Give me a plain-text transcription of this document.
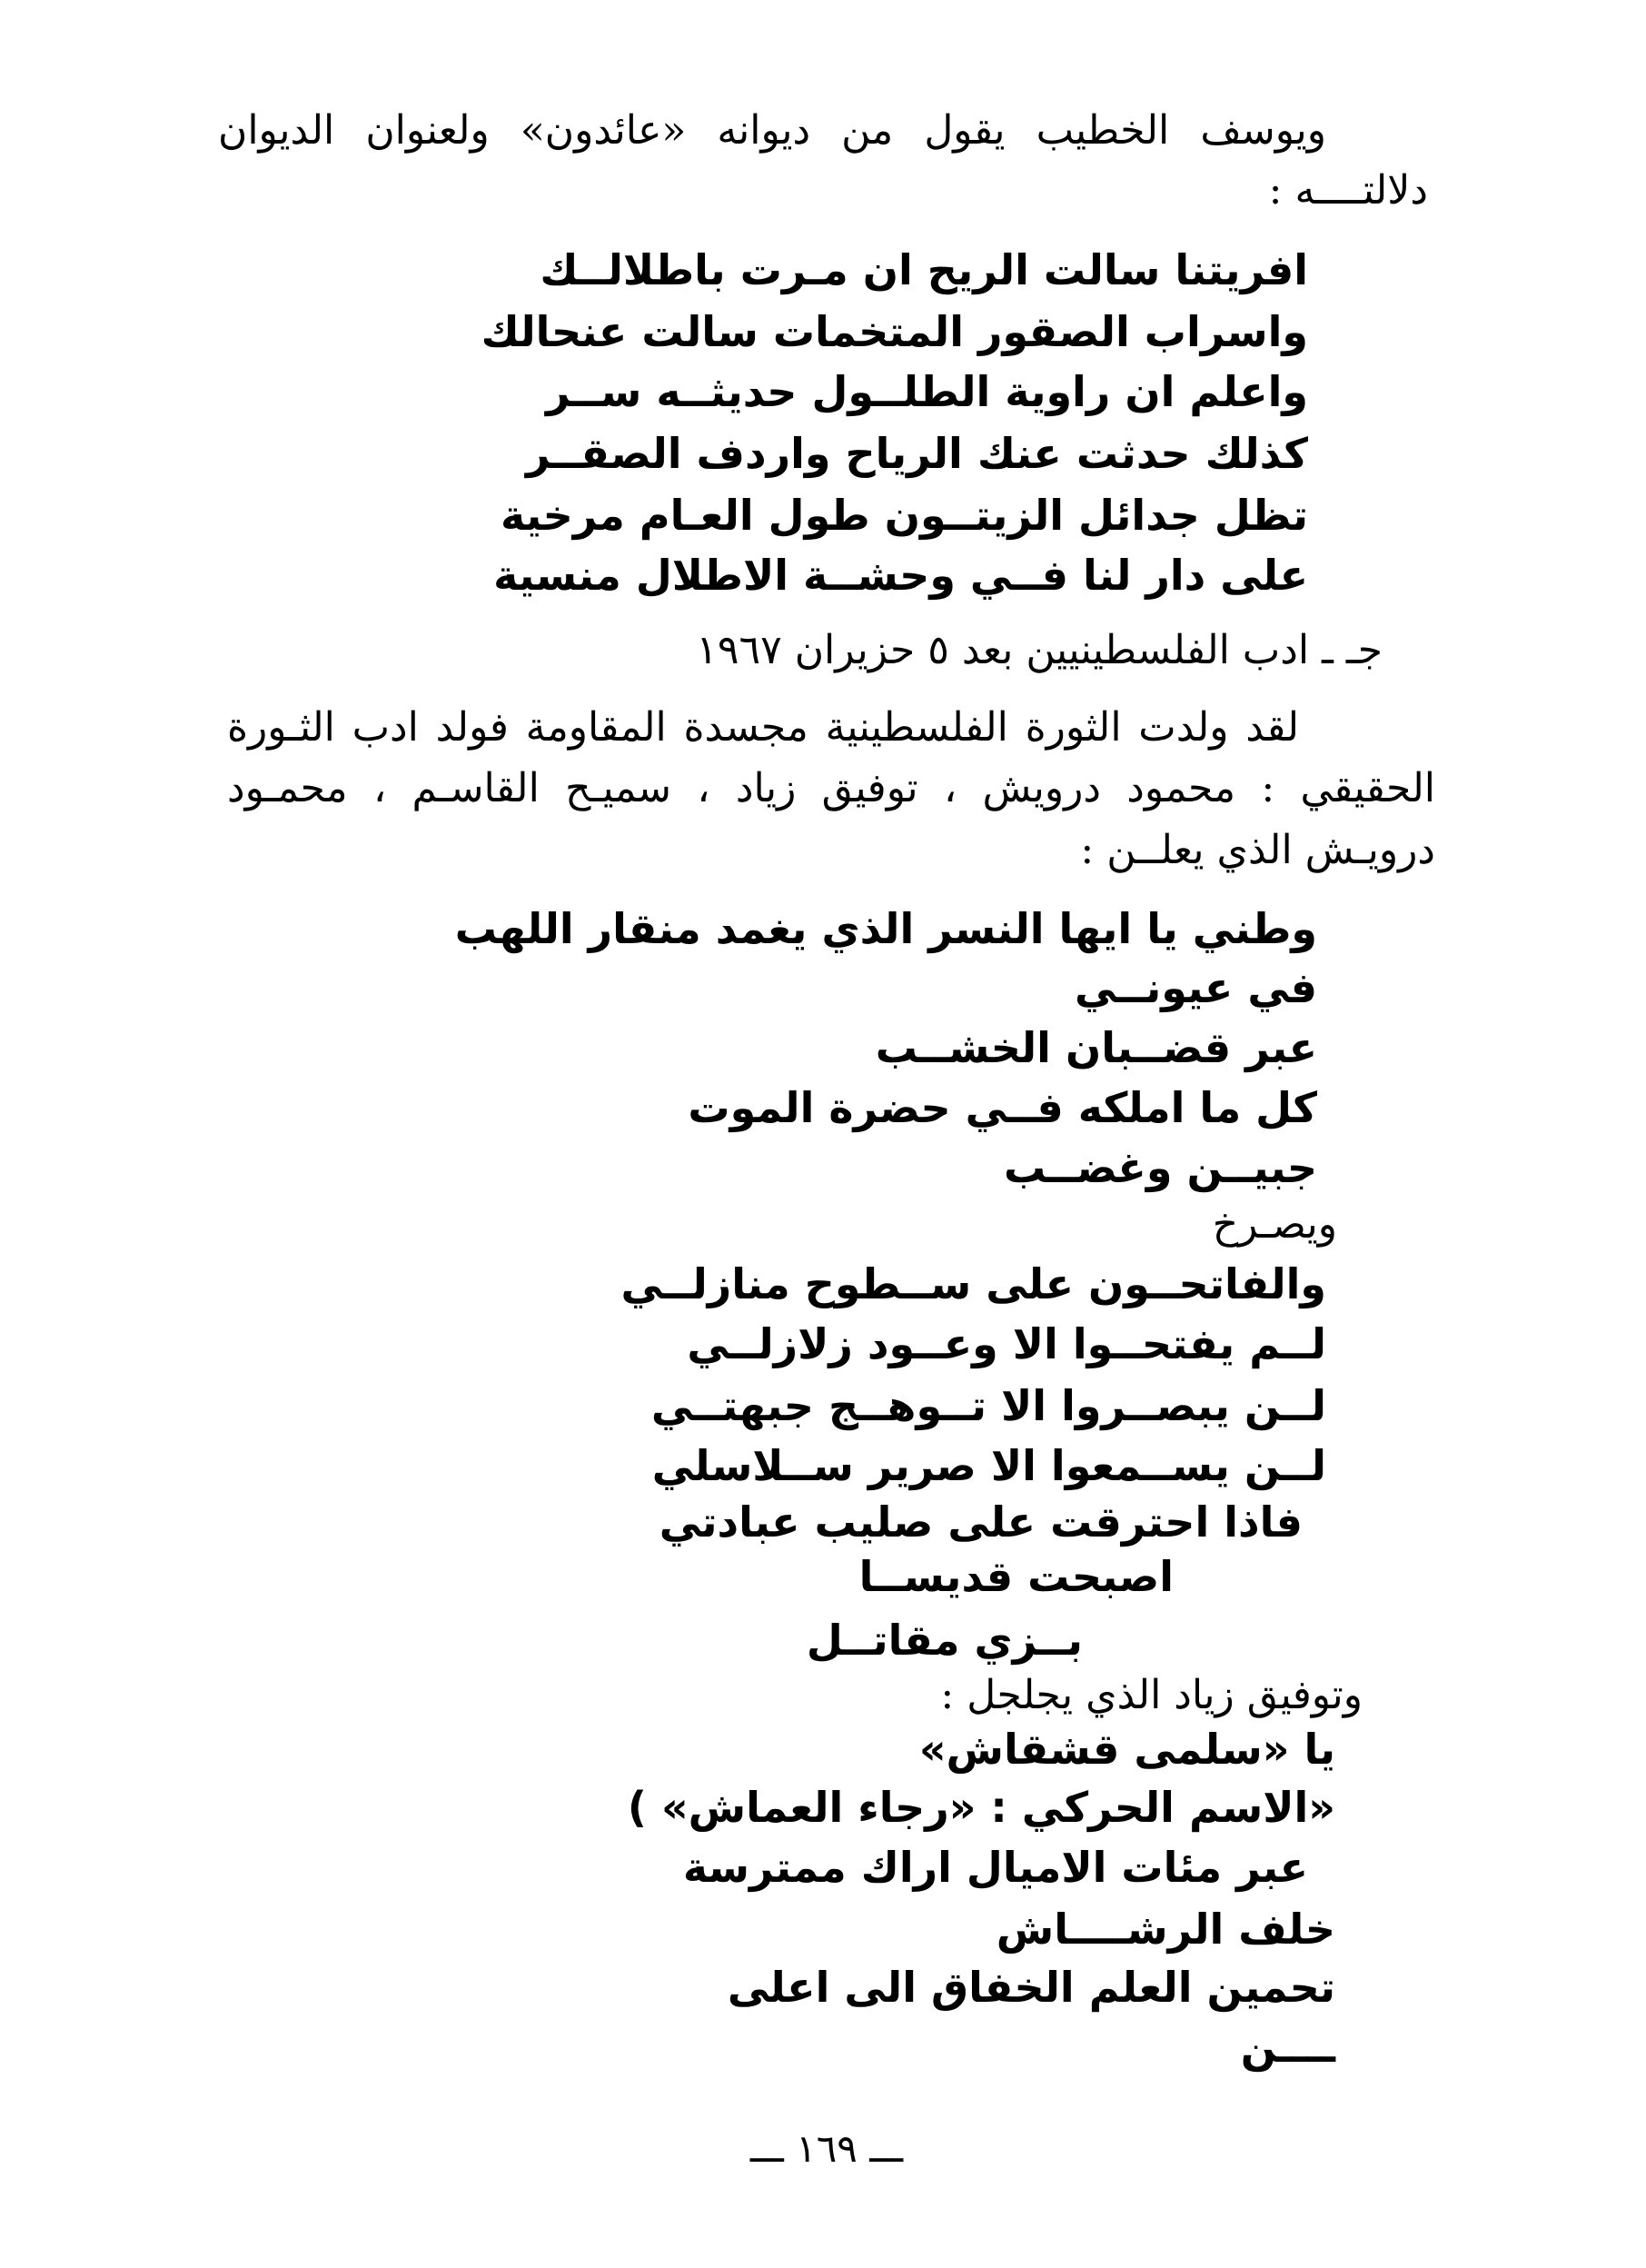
ويوسف الخطيب يقول من ديوانه «عائدون» ولعنوان الديوان
دلالتــــه :
افريتنا سالت الريح ان مـرت باطلالــك
واسراب الصقور المتخمات سالت عنحالك
واعلم ان راوية الطلــول حديثــه ســر
كذلك حدثت عنك الرياح واردف الصقــر
تظل جدائل الزيتــون طول العـام مرخية
على دار لنا فــي وحشــة الاطلال منسية
جـ ـ ادب الفلسطينيين بعد ٥ حزيران ١٩٦٧
لقد ولدت الثورة الفلسطينية مجسدة المقاومة فولد ادب الثـورة
الحقيقي : محمود درويش ، توفيق زياد ، سميـح القاسـم ، محمـود
درويـش الذي يعلــن :
وطني يا ايها النسر الذي يغمد منقار اللهب
في عيونــي
عبر قضــبان الخشــب
كل ما املكه فــي حضرة الموت
جبيــن وغضــب
ويصـرخ
والفاتحــون على ســطوح منازلــي
لــم يفتحــوا الا وعــود زلازلــي
لــن يبصــروا الا تــوهــج جبهتــي
لــن يســمعوا الا صرير ســلاسلي
فاذا احترقت على صليب عبادتي
اصبحت قديســا
بــزي مقاتــل
وتوفيق زياد الذي يجلجل :
يا «سلمى قشقاش»
«الاسم الحركي : «رجاء العماش» )
عبر مئات الاميال اراك ممترسة
خلف الرشــــاش
تحمين العلم الخفاق الى اعلى
ــــن
ـــ ١٦٩ ـــ
